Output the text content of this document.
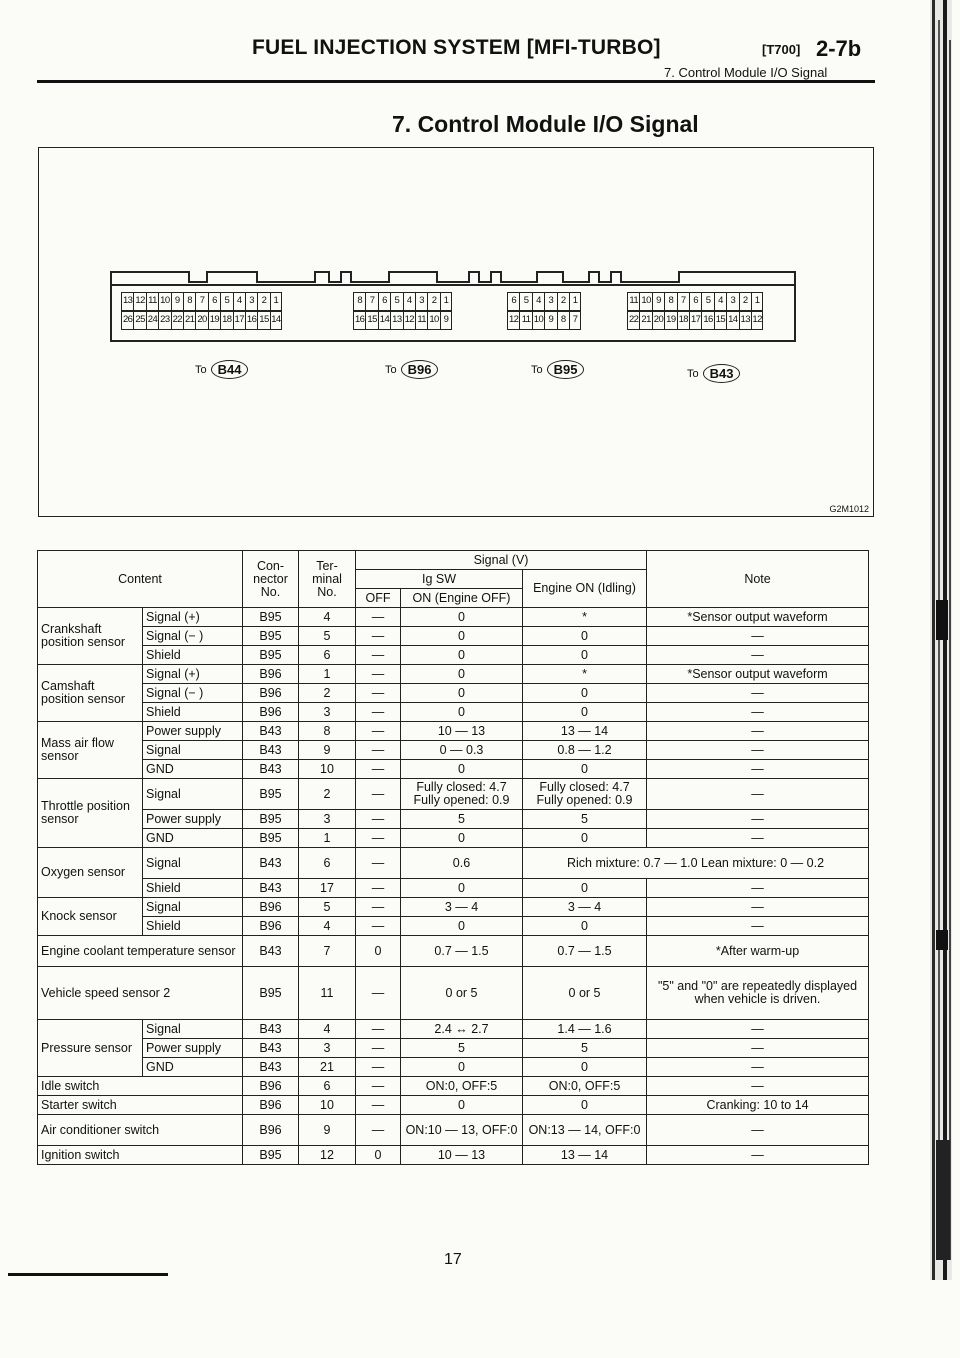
FUEL INJECTION SYSTEM [MFI-TURBO]	[T700] 2-7b
7. Control Module I/O Signal
7. Control Module I/O Signal
13 12 11 10 9 8 7 6 5 4 3 2 1
26 25 24 23 22 21 20 19 18 17 16 15 14
8 7 6 5 4 3 2 1
16 15 14 13 12 11 10 9
6 5 4 3 2 1
12 11 10 9 8 7
11 10 9 8 7 6 5 4 3 2 1
22 21 20 19 18 17 16 15 14 13 12
To B44	To B96	To B95	To B43
G2M1012
Content		Con-nector No.	Ter-minal No.	Signal (V)			Note
				Ig SW		Engine ON (Idling)	
				OFF	ON (Engine OFF)		
Crankshaft position sensor	Signal (+)	B95	4	—	0	*	*Sensor output waveform
	Signal (− )	B95	5	—	0	0	—
	Shield	B95	6	—	0	0	—
Camshaft position sensor	Signal (+)	B96	1	—	0	*	*Sensor output waveform
	Signal (− )	B96	2	—	0	0	—
	Shield	B96	3	—	0	0	—
Mass air flow sensor	Power supply	B43	8	—	10 — 13	13 — 14	—
	Signal	B43	9	—	0 — 0.3	0.8 — 1.2	—
	GND	B43	10	—	0	0	—
Throttle position sensor	Signal	B95	2	—	Fully closed: 4.7 Fully opened: 0.9	Fully closed: 4.7 Fully opened: 0.9	—
	Power supply	B95	3	—	5	5	—
	GND	B95	1	—	0	0	—
Oxygen sensor	Signal	B43	6	—	0.6	Rich mixture: 0.7 — 1.0 Lean mixture: 0 — 0.2	
	Shield	B43	17	—	0	0	—
Knock sensor	Signal	B96	5	—	3 — 4	3 — 4	—
	Shield	B96	4	—	0	0	—
Engine coolant temperature sensor		B43	7	0	0.7 — 1.5	0.7 — 1.5	*After warm-up
Vehicle speed sensor 2		B95	11	—	0 or 5	0 or 5	"5" and "0" are repeatedly displayed when vehicle is driven.
Pressure sensor	Signal	B43	4	—	2.4 ↔ 2.7	1.4 — 1.6	—
	Power supply	B43	3	—	5	5	—
	GND	B43	21	—	0	0	—
Idle switch		B96	6	—	ON:0, OFF:5	ON:0, OFF:5	—
Starter switch		B96	10	—	0	0	Cranking: 10 to 14
Air conditioner switch		B96	9	—	ON:10 — 13, OFF:0	ON:13 — 14, OFF:0	—
Ignition switch		B95	12	0	10 — 13	13 — 14	—
17
